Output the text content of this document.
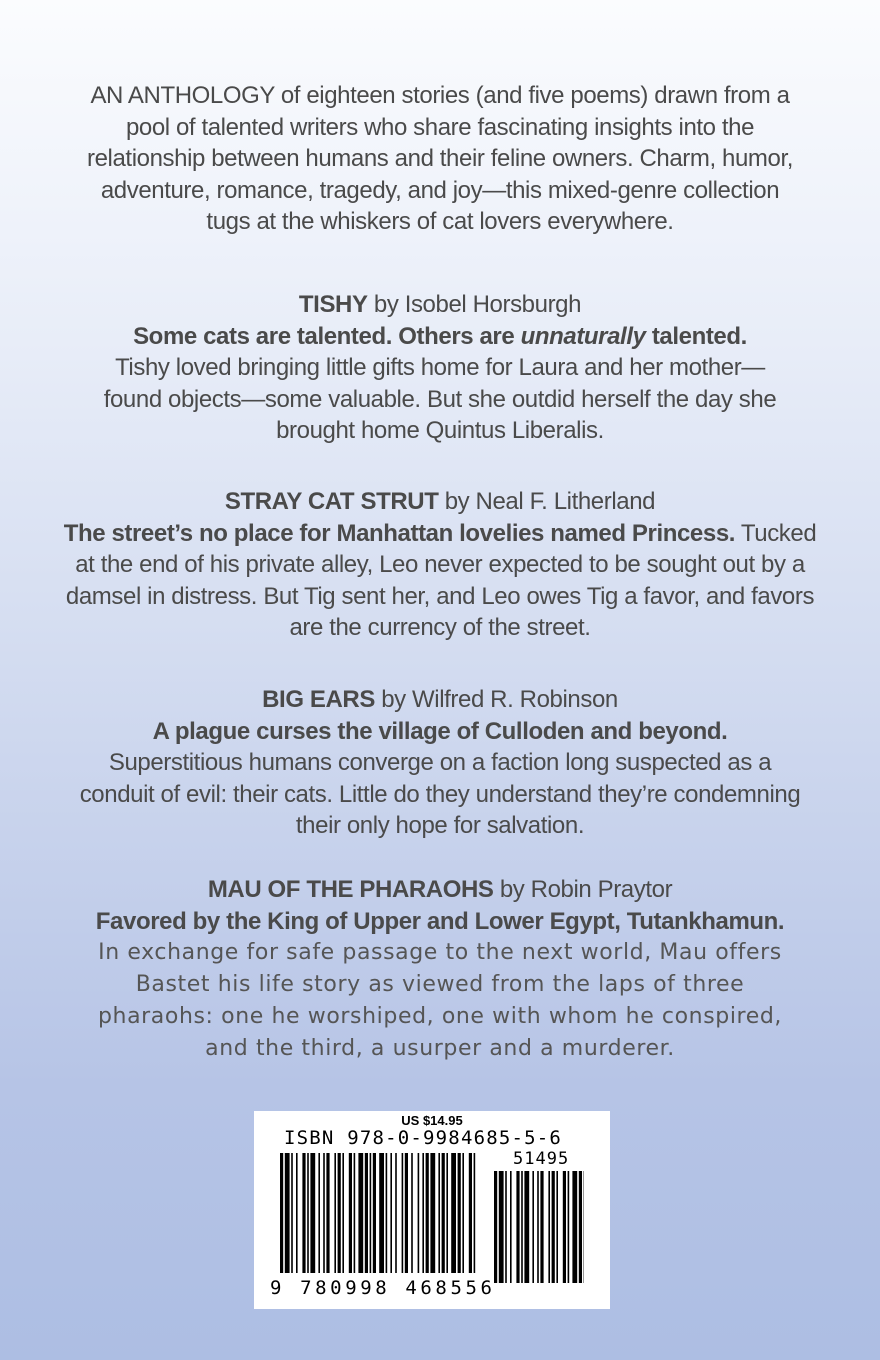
AN ANTHOLOGY of eighteen stories (and five poems) drawn from a
pool of talented writers who share fascinating insights into the
relationship between humans and their feline owners. Charm, humor,
adventure, romance, tragedy, and joy—this mixed-genre collection
tugs at the whiskers of cat lovers everywhere.
TISHY by Isobel Horsburgh
Some cats are talented. Others are unnaturally talented.
Tishy loved bringing little gifts home for Laura and her mother—
found objects—some valuable. But she outdid herself the day she
brought home Quintus Liberalis.
STRAY CAT STRUT by Neal F. Litherland
The street’s no place for Manhattan lovelies named Princess. Tucked
at the end of his private alley, Leo never expected to be sought out by a
damsel in distress. But Tig sent her, and Leo owes Tig a favor, and favors
are the currency of the street.
BIG EARS by Wilfred R. Robinson
A plague curses the village of Culloden and beyond.
Superstitious humans converge on a faction long suspected as a
conduit of evil: their cats. Little do they understand they’re condemning
their only hope for salvation.
MAU OF THE PHARAOHS by Robin Praytor
Favored by the King of Upper and Lower Egypt, Tutankhamun.
In exchange for safe passage to the next world, Mau offers
Bastet his life story as viewed from the laps of three
pharaohs: one he worshiped, one with whom he conspired,
and the third, a usurper and a murderer.
US $14.95
ISBN 978-0-9984685-5-6
51495
9 780998 468556
